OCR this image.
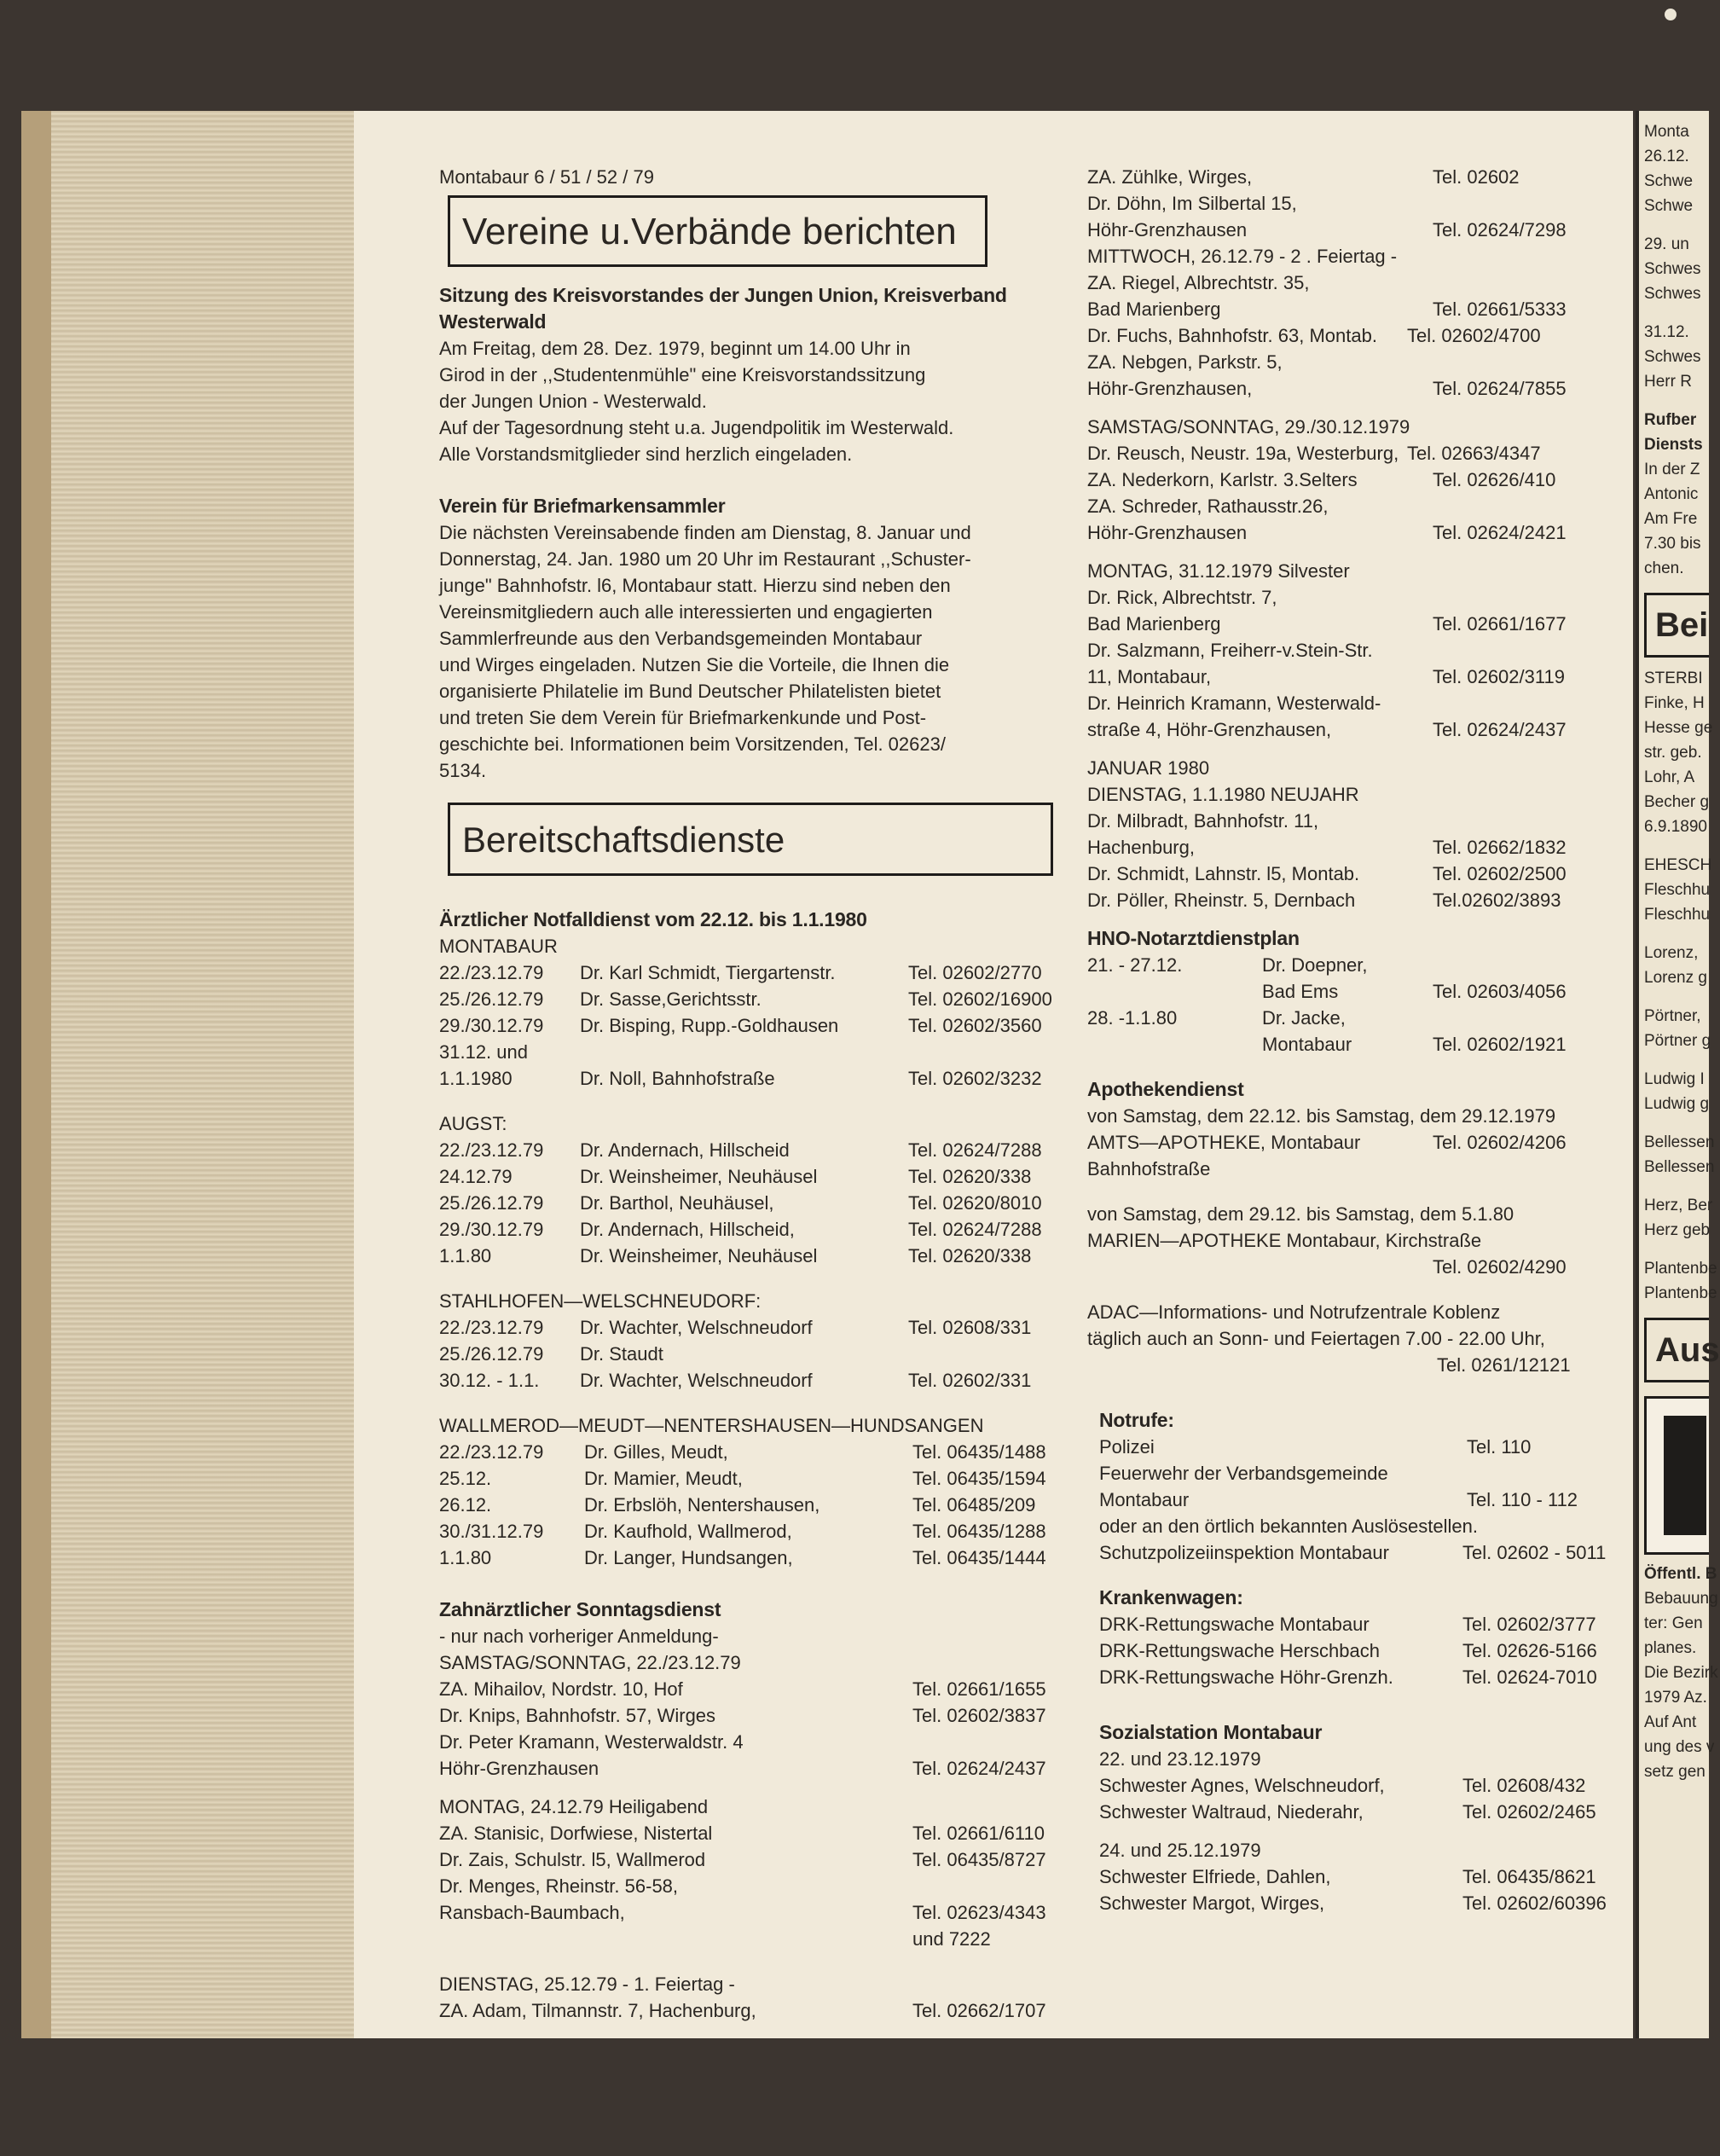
Montabaur 6 / 51 / 52 / 79
Vereine u.Verbände berichten
Sitzung des Kreisvorstandes der Jungen Union, Kreisverband
Westerwald
Am Freitag, dem 28. Dez. 1979, beginnt um 14.00 Uhr in
Girod in der ,,Studentenmühle" eine Kreisvorstandssitzung
der Jungen Union - Westerwald.
Auf der Tagesordnung steht u.a. Jugendpolitik im Westerwald.
Alle Vorstandsmitglieder sind herzlich eingeladen.
Verein für Briefmarkensammler
Die nächsten Vereinsabende finden am Dienstag, 8. Januar und
Donnerstag, 24. Jan. 1980 um 20 Uhr im Restaurant ,,Schuster-
junge" Bahnhofstr. l6, Montabaur statt. Hierzu sind neben den
Vereinsmitgliedern auch alle interessierten und engagierten
Sammlerfreunde aus den Verbandsgemeinden Montabaur
und Wirges eingeladen. Nutzen Sie die Vorteile, die Ihnen die
organisierte Philatelie im Bund Deutscher Philatelisten bietet
und treten Sie dem Verein für Briefmarkenkunde und Post-
geschichte bei. Informationen beim Vorsitzenden, Tel. 02623/
5134.
Bereitschaftsdienste
Ärztlicher Notfalldienst vom 22.12. bis 1.1.1980
MONTABAUR
22./23.12.79 Dr. Karl Schmidt, Tiergartenstr.	Tel. 02602/2770
25./26.12.79 Dr. Sasse,Gerichtsstr.	Tel. 02602/16900
29./30.12.79 Dr. Bisping, Rupp.-Goldhausen	Tel. 02602/3560
31.12. und
1.1.1980	Dr. Noll, Bahnhofstraße	Tel. 02602/3232
AUGST:
22./23.12.79 Dr. Andernach, Hillscheid	Tel. 02624/7288
24.12.79	Dr. Weinsheimer, Neuhäusel	Tel. 02620/338
25./26.12.79 Dr. Barthol, Neuhäusel,	Tel. 02620/8010
29./30.12.79 Dr. Andernach, Hillscheid,	Tel. 02624/7288
1.1.80	Dr. Weinsheimer, Neuhäusel	Tel. 02620/338
STAHLHOFEN—WELSCHNEUDORF:
22./23.12.79 Dr. Wachter, Welschneudorf	Tel. 02608/331
25./26.12.79 Dr. Staudt
30.12. - 1.1. Dr. Wachter, Welschneudorf	Tel. 02602/331
WALLMEROD—MEUDT—NENTERSHAUSEN—HUNDSANGEN
22./23.12.79 Dr. Gilles, Meudt,	Tel. 06435/1488
25.12.	Dr. Mamier, Meudt,	Tel. 06435/1594
26.12.	Dr. Erbslöh, Nentershausen,	Tel. 06485/209
30./31.12.79 Dr. Kaufhold, Wallmerod,	Tel. 06435/1288
1.1.80	Dr. Langer, Hundsangen,	Tel. 06435/1444
Zahnärztlicher Sonntagsdienst
- nur nach vorheriger Anmeldung-
SAMSTAG/SONNTAG, 22./23.12.79
ZA. Mihailov, Nordstr. 10, Hof	Tel. 02661/1655
Dr. Knips, Bahnhofstr. 57, Wirges	Tel. 02602/3837
Dr. Peter Kramann, Westerwaldstr. 4
Höhr-Grenzhausen	Tel. 02624/2437
MONTAG, 24.12.79 Heiligabend
ZA. Stanisic, Dorfwiese, Nistertal	Tel. 02661/6110
Dr. Zais, Schulstr. l5, Wallmerod	Tel. 06435/8727
Dr. Menges, Rheinstr. 56-58,
Ransbach-Baumbach,	Tel. 02623/4343
und 7222
DIENSTAG, 25.12.79 - 1. Feiertag -
ZA. Adam, Tilmannstr. 7, Hachenburg,	Tel. 02662/1707
ZA. Zühlke, Wirges,	Tel. 02602
Dr. Döhn, Im Silbertal 15,
Höhr-Grenzhausen	Tel. 02624/7298
MITTWOCH, 26.12.79 - 2 . Feiertag -
ZA. Riegel, Albrechtstr. 35,
Bad Marienberg	Tel. 02661/5333
Dr. Fuchs, Bahnhofstr. 63, Montab. Tel. 02602/4700
ZA. Nebgen, Parkstr. 5,
Höhr-Grenzhausen,	Tel. 02624/7855
SAMSTAG/SONNTAG, 29./30.12.1979
Dr. Reusch, Neustr. 19a, Westerburg, Tel. 02663/4347
ZA. Nederkorn, Karlstr. 3.Selters	Tel. 02626/410
ZA. Schreder, Rathausstr.26,
Höhr-Grenzhausen	Tel. 02624/2421
MONTAG, 31.12.1979 Silvester
Dr. Rick, Albrechtstr. 7,
Bad Marienberg	Tel. 02661/1677
Dr. Salzmann, Freiherr-v.Stein-Str.
11, Montabaur,	Tel. 02602/3119
Dr. Heinrich Kramann, Westerwald-
straße 4, Höhr-Grenzhausen,	Tel. 02624/2437
JANUAR 1980
DIENSTAG, 1.1.1980 NEUJAHR
Dr. Milbradt, Bahnhofstr. 11,
Hachenburg,	Tel. 02662/1832
Dr. Schmidt, Lahnstr. l5, Montab.	Tel. 02602/2500
Dr. Pöller, Rheinstr. 5, Dernbach	Tel.02602/3893
HNO-Notarztdienstplan
21. - 27.12.	Dr. Doepner,
Bad Ems	Tel. 02603/4056
28. -1.1.80	Dr. Jacke,
Montabaur	Tel. 02602/1921
Apothekendienst
von Samstag, dem 22.12. bis Samstag, dem 29.12.1979
AMTS—APOTHEKE, Montabaur	Tel. 02602/4206
Bahnhofstraße
von Samstag, dem 29.12. bis Samstag, dem 5.1.80
MARIEN—APOTHEKE Montabaur, Kirchstraße
Tel. 02602/4290
ADAC—Informations- und Notrufzentrale Koblenz
täglich auch an Sonn- und Feiertagen 7.00 - 22.00 Uhr,
Tel. 0261/12121
Notrufe:
Polizei	Tel. 110
Feuerwehr der Verbandsgemeinde
Montabaur	Tel. 110 - 112
oder an den örtlich bekannten Auslösestellen.
Schutzpolizeiinspektion Montabaur	Tel. 02602 - 5011
Krankenwagen:
DRK-Rettungswache Montabaur	Tel. 02602/3777
DRK-Rettungswache Herschbach	Tel. 02626-5166
DRK-Rettungswache Höhr-Grenzh.	Tel. 02624-7010
Sozialstation Montabaur
22. und 23.12.1979
Schwester Agnes, Welschneudorf,	Tel. 02608/432
Schwester Waltraud, Niederahr,	Tel. 02602/2465
24. und 25.12.1979
Schwester Elfriede, Dahlen,	Tel. 06435/8621
Schwester Margot, Wirges,	Tel. 02602/60396
Monta
26.12.
Schwe
Schwe
29. un
Schwes
Schwes
31.12.
Schwes
Herr R
Rufber
Diensts
In der Z
Antonic
Am Fre
7.30 bis
chen.
Bei
STERBI
Finke, H
Hesse ge
str. geb.
Lohr, A
Becher g
6.9.1890
EHESCH
Fleschhu
Fleschhu
Lorenz,
Lorenz g
Pörtner,
Pörtner g
Ludwig I
Ludwig g
Bellessen
Bellessen
Herz, Ber
Herz geb
Plantenbe
Plantenbe
Aus
Öffentl. B
Bebauung
ter: Gen
planes.
Die Bezirk
1979 Az.
Auf Ant
ung des v
setz gen
